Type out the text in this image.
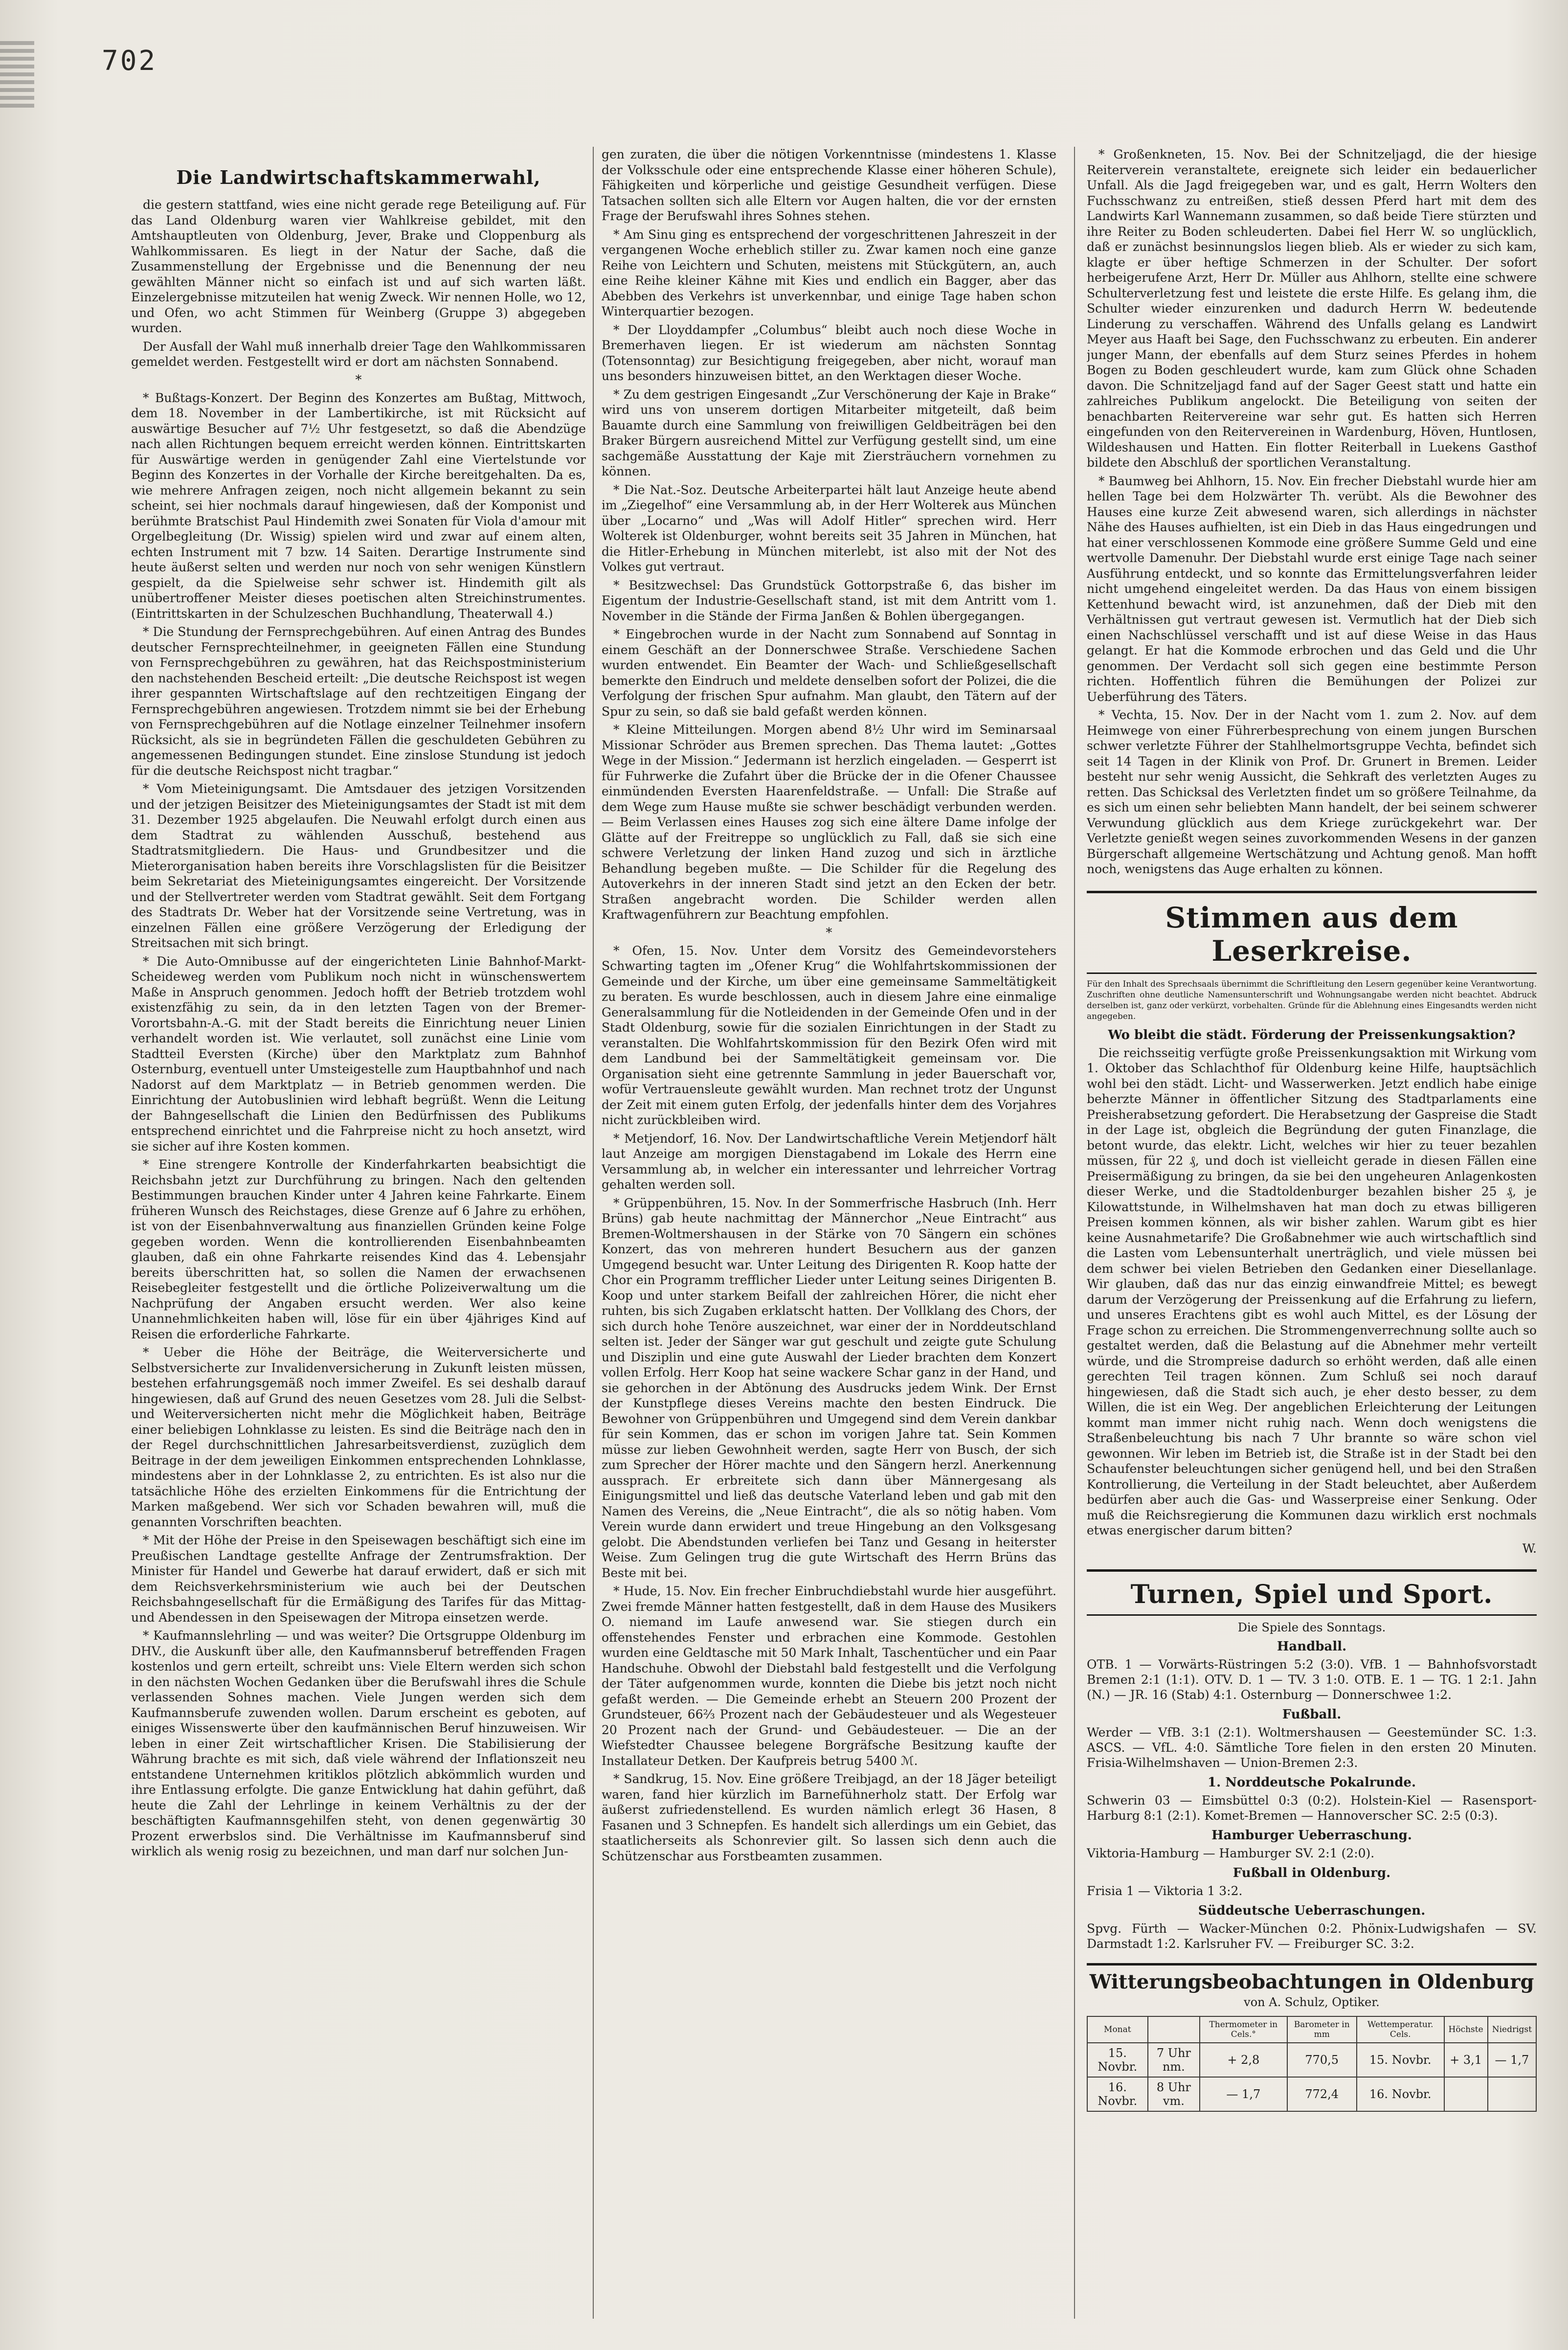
702
Die Landwirtschaftskammerwahl,

die gestern stattfand, wies eine nicht gerade rege Beteiligung auf. Für das Land Oldenburg waren vier Wahlkreise gebildet, mit den Amtshauptleuten von Oldenburg, Jever, Brake und Cloppenburg als Wahlkommissaren. Es liegt in der Natur der Sache, daß die Zusammenstellung der Ergebnisse und die Benennung der neu gewählten Männer nicht so einfach ist und auf sich warten läßt. Einzelergebnisse mitzuteilen hat wenig Zweck. Wir nennen Holle, wo 12, und Ofen, wo acht Stimmen für Weinberg (Gruppe 3) abgegeben wurden.

Der Ausfall der Wahl muß innerhalb dreier Tage den Wahlkommissaren gemeldet werden. Festgestellt wird er dort am nächsten Sonnabend.

*

* Bußtags-Konzert. Der Beginn des Konzertes am Bußtag, Mittwoch, dem 18. November in der Lambertikirche, ist mit Rücksicht auf auswärtige Besucher auf 7½ Uhr festgesetzt, so daß die Abendzüge nach allen Richtungen bequem erreicht werden können. Eintrittskarten für Auswärtige werden in genügender Zahl eine Viertelstunde vor Beginn des Konzertes in der Vorhalle der Kirche bereitgehalten. Da es, wie mehrere Anfragen zeigen, noch nicht allgemein bekannt zu sein scheint, sei hier nochmals darauf hingewiesen, daß der Komponist und berühmte Bratschist Paul Hindemith zwei Sonaten für Viola d'amour mit Orgelbegleitung (Dr. Wissig) spielen wird und zwar auf einem alten, echten Instrument mit 7 bzw. 14 Saiten. Derartige Instrumente sind heute äußerst selten und werden nur noch von sehr wenigen Künstlern gespielt, da die Spielweise sehr schwer ist. Hindemith gilt als unübertroffener Meister dieses poetischen alten Streichinstrumentes. (Eintrittskarten in der Schulzeschen Buchhandlung, Theaterwall 4.)

* Die Stundung der Fernsprechgebühren. Auf einen Antrag des Bundes deutscher Fernsprechteilnehmer, in geeigneten Fällen eine Stundung von Fernsprechgebühren zu gewähren, hat das Reichspostministerium den nachstehenden Bescheid erteilt: „Die deutsche Reichspost ist wegen ihrer gespannten Wirtschaftslage auf den rechtzeitigen Eingang der Fernsprechgebühren angewiesen. Trotzdem nimmt sie bei der Erhebung von Fernsprechgebühren auf die Notlage einzelner Teilnehmer insofern Rücksicht, als sie in begründeten Fällen die geschuldeten Gebühren zu angemessenen Bedingungen stundet. Eine zinslose Stundung ist jedoch für die deutsche Reichspost nicht tragbar.“

* Vom Mieteinigungsamt. Die Amtsdauer des jetzigen Vorsitzenden und der jetzigen Beisitzer des Mieteinigungsamtes der Stadt ist mit dem 31. Dezember 1925 abgelaufen. Die Neuwahl erfolgt durch einen aus dem Stadtrat zu wählenden Ausschuß, bestehend aus Stadtratsmitgliedern. Die Haus- und Grundbesitzer und die Mieterorganisation haben bereits ihre Vorschlagslisten für die Beisitzer beim Sekretariat des Mieteinigungsamtes eingereicht. Der Vorsitzende und der Stellvertreter werden vom Stadtrat gewählt. Seit dem Fortgang des Stadtrats Dr. Weber hat der Vorsitzende seine Vertretung, was in einzelnen Fällen eine größere Verzögerung der Erledigung der Streitsachen mit sich bringt.

* Die Auto-Omnibusse auf der eingerichteten Linie Bahnhof-Markt-Scheideweg werden vom Publikum noch nicht in wünschenswertem Maße in Anspruch genommen. Jedoch hofft der Betrieb trotzdem wohl existenzfähig zu sein, da in den letzten Tagen von der Bremer-Vorortsbahn-A.-G. mit der Stadt bereits die Einrichtung neuer Linien verhandelt worden ist. Wie verlautet, soll zunächst eine Linie vom Stadtteil Eversten (Kirche) über den Marktplatz zum Bahnhof Osternburg, eventuell unter Umsteigestelle zum Hauptbahnhof und nach Nadorst auf dem Marktplatz — in Betrieb genommen werden. Die Einrichtung der Autobuslinien wird lebhaft begrüßt. Wenn die Leitung der Bahngesellschaft die Linien den Bedürfnissen des Publikums entsprechend einrichtet und die Fahrpreise nicht zu hoch ansetzt, wird sie sicher auf ihre Kosten kommen.

* Eine strengere Kontrolle der Kinderfahrkarten beabsichtigt die Reichsbahn jetzt zur Durchführung zu bringen. Nach den geltenden Bestimmungen brauchen Kinder unter 4 Jahren keine Fahrkarte. Einem früheren Wunsch des Reichstages, diese Grenze auf 6 Jahre zu erhöhen, ist von der Eisenbahnverwaltung aus finanziellen Gründen keine Folge gegeben worden. Wenn die kontrollierenden Eisenbahnbeamten glauben, daß ein ohne Fahrkarte reisendes Kind das 4. Lebensjahr bereits überschritten hat, so sollen die Namen der erwachsenen Reisebegleiter festgestellt und die örtliche Polizeiverwaltung um die Nachprüfung der Angaben ersucht werden. Wer also keine Unannehmlichkeiten haben will, löse für ein über 4jähriges Kind auf Reisen die erforderliche Fahrkarte.

* Ueber die Höhe der Beiträge, die Weiterversicherte und Selbstversicherte zur Invalidenversicherung in Zukunft leisten müssen, bestehen erfahrungsgemäß noch immer Zweifel. Es sei deshalb darauf hingewiesen, daß auf Grund des neuen Gesetzes vom 28. Juli die Selbst- und Weiterversicherten nicht mehr die Möglichkeit haben, Beiträge einer beliebigen Lohnklasse zu leisten. Es sind die Beiträge nach den in der Regel durchschnittlichen Jahresarbeitsverdienst, zuzüglich dem Beitrage in der dem jeweiligen Einkommen entsprechenden Lohnklasse, mindestens aber in der Lohnklasse 2, zu entrichten. Es ist also nur die tatsächliche Höhe des erzielten Einkommens für die Entrichtung der Marken maßgebend. Wer sich vor Schaden bewahren will, muß die genannten Vorschriften beachten.

* Mit der Höhe der Preise in den Speisewagen beschäftigt sich eine im Preußischen Landtage gestellte Anfrage der Zentrumsfraktion. Der Minister für Handel und Gewerbe hat darauf erwidert, daß er sich mit dem Reichsverkehrsministerium wie auch bei der Deutschen Reichsbahngesellschaft für die Ermäßigung des Tarifes für das Mittag- und Abendessen in den Speisewagen der Mitropa einsetzen werde.

* Kaufmannslehrling — und was weiter? Die Ortsgruppe Oldenburg im DHV., die Auskunft über alle, den Kaufmannsberuf betreffenden Fragen kostenlos und gern erteilt, schreibt uns: Viele Eltern werden sich schon in den nächsten Wochen Gedanken über die Berufswahl ihres die Schule verlassenden Sohnes machen. Viele Jungen werden sich dem Kaufmannsberufe zuwenden wollen. Darum erscheint es geboten, auf einiges Wissenswerte über den kaufmännischen Beruf hinzuweisen. Wir leben in einer Zeit wirtschaftlicher Krisen. Die Stabilisierung der Währung brachte es mit sich, daß viele während der Inflationszeit neu entstandene Unternehmen kritiklos plötzlich abkömmlich wurden und ihre Entlassung erfolgte. Die ganze Entwicklung hat dahin geführt, daß heute die Zahl der Lehrlinge in keinem Verhältnis zu der der beschäftigten Kaufmannsgehilfen steht, von denen gegenwärtig 30 Prozent erwerbslos sind. Die Verhältnisse im Kaufmannsberuf sind wirklich als wenig rosig zu bezeichnen, und man darf nur solchen Jun-

gen zuraten, die über die nötigen Vorkenntnisse (mindestens 1. Klasse der Volksschule oder eine entsprechende Klasse einer höheren Schule), Fähigkeiten und körperliche und geistige Gesundheit verfügen. Diese Tatsachen sollten sich alle Eltern vor Augen halten, die vor der ernsten Frage der Berufswahl ihres Sohnes stehen.

* Am Sinu ging es entsprechend der vorgeschrittenen Jahreszeit in der vergangenen Woche erheblich stiller zu. Zwar kamen noch eine ganze Reihe von Leichtern und Schuten, meistens mit Stückgütern, an, auch eine Reihe kleiner Kähne mit Kies und endlich ein Bagger, aber das Abebben des Verkehrs ist unverkennbar, und einige Tage haben schon Winterquartier bezogen.

* Der Lloyddampfer „Columbus“ bleibt auch noch diese Woche in Bremerhaven liegen. Er ist wiederum am nächsten Sonntag (Totensonntag) zur Besichtigung freigegeben, aber nicht, worauf man uns besonders hinzuweisen bittet, an den Werktagen dieser Woche.

* Zu dem gestrigen Eingesandt „Zur Verschönerung der Kaje in Brake“ wird uns von unserem dortigen Mitarbeiter mitgeteilt, daß beim Bauamte durch eine Sammlung von freiwilligen Geldbeiträgen bei den Braker Bürgern ausreichend Mittel zur Verfügung gestellt sind, um eine sachgemäße Ausstattung der Kaje mit Ziersträuchern vornehmen zu können.

* Die Nat.-Soz. Deutsche Arbeiterpartei hält laut Anzeige heute abend im „Ziegelhof“ eine Versammlung ab, in der Herr Wolterek aus München über „Locarno“ und „Was will Adolf Hitler“ sprechen wird. Herr Wolterek ist Oldenburger, wohnt bereits seit 35 Jahren in München, hat die Hitler-Erhebung in München miterlebt, ist also mit der Not des Volkes gut vertraut.

* Besitzwechsel: Das Grundstück Gottorpstraße 6, das bisher im Eigentum der Industrie-Gesellschaft stand, ist mit dem Antritt vom 1. November in die Stände der Firma Janßen & Bohlen übergegangen.

* Eingebrochen wurde in der Nacht zum Sonnabend auf Sonntag in einem Geschäft an der Donnerschwee Straße. Verschiedene Sachen wurden entwendet. Ein Beamter der Wach- und Schließgesellschaft bemerkte den Eindruch und meldete denselben sofort der Polizei, die die Verfolgung der frischen Spur aufnahm. Man glaubt, den Tätern auf der Spur zu sein, so daß sie bald gefaßt werden können.

* Kleine Mitteilungen. Morgen abend 8½ Uhr wird im Seminarsaal Missionar Schröder aus Bremen sprechen. Das Thema lautet: „Gottes Wege in der Mission.“ Jedermann ist herzlich eingeladen. — Gesperrt ist für Fuhrwerke die Zufahrt über die Brücke der in die Ofener Chaussee einmündenden Eversten Haarenfeldstraße. — Unfall: Die Straße auf dem Wege zum Hause mußte sie schwer beschädigt verbunden werden. — Beim Verlassen eines Hauses zog sich eine ältere Dame infolge der Glätte auf der Freitreppe so unglücklich zu Fall, daß sie sich eine schwere Verletzung der linken Hand zuzog und sich in ärztliche Behandlung begeben mußte. — Die Schilder für die Regelung des Autoverkehrs in der inneren Stadt sind jetzt an den Ecken der betr. Straßen angebracht worden. Die Schilder werden allen Kraftwagenführern zur Beachtung empfohlen.

*

* Ofen, 15. Nov. Unter dem Vorsitz des Gemeindevorstehers Schwarting tagten im „Ofener Krug“ die Wohlfahrtskommissionen der Gemeinde und der Kirche, um über eine gemeinsame Sammeltätigkeit zu beraten. Es wurde beschlossen, auch in diesem Jahre eine einmalige Generalsammlung für die Notleidenden in der Gemeinde Ofen und in der Stadt Oldenburg, sowie für die sozialen Einrichtungen in der Stadt zu veranstalten. Die Wohlfahrtskommission für den Bezirk Ofen wird mit dem Landbund bei der Sammeltätigkeit gemeinsam vor. Die Organisation sieht eine getrennte Sammlung in jeder Bauerschaft vor, wofür Vertrauensleute gewählt wurden. Man rechnet trotz der Ungunst der Zeit mit einem guten Erfolg, der jedenfalls hinter dem des Vorjahres nicht zurückbleiben wird.

* Metjendorf, 16. Nov. Der Landwirtschaftliche Verein Metjendorf hält laut Anzeige am morgigen Dienstagabend im Lokale des Herrn eine Versammlung ab, in welcher ein interessanter und lehrreicher Vortrag gehalten werden soll.

* Grüppenbühren, 15. Nov. In der Sommerfrische Hasbruch (Inh. Herr Brüns) gab heute nachmittag der Männerchor „Neue Eintracht“ aus Bremen-Woltmershausen in der Stärke von 70 Sängern ein schönes Konzert, das von mehreren hundert Besuchern aus der ganzen Umgegend besucht war. Unter Leitung des Dirigenten R. Koop hatte der Chor ein Programm trefflicher Lieder unter Leitung seines Dirigenten B. Koop und unter starkem Beifall der zahlreichen Hörer, die nicht eher ruhten, bis sich Zugaben erklatscht hatten. Der Vollklang des Chors, der sich durch hohe Tenöre auszeichnet, war einer der in Norddeutschland selten ist. Jeder der Sänger war gut geschult und zeigte gute Schulung und Disziplin und eine gute Auswahl der Lieder brachten dem Konzert vollen Erfolg. Herr Koop hat seine wackere Schar ganz in der Hand, und sie gehorchen in der Abtönung des Ausdrucks jedem Wink. Der Ernst der Kunstpflege dieses Vereins machte den besten Eindruck. Die Bewohner von Grüppenbühren und Umgegend sind dem Verein dankbar für sein Kommen, das er schon im vorigen Jahre tat. Sein Kommen müsse zur lieben Gewohnheit werden, sagte Herr von Busch, der sich zum Sprecher der Hörer machte und den Sängern herzl. Anerkennung aussprach. Er erbreitete sich dann über Männergesang als Einigungsmittel und ließ das deutsche Vaterland leben und gab mit den Namen des Vereins, die „Neue Eintracht“, die als so nötig haben. Vom Verein wurde dann erwidert und treue Hingebung an den Volksgesang gelobt. Die Abendstunden verliefen bei Tanz und Gesang in heiterster Weise. Zum Gelingen trug die gute Wirtschaft des Herrn Brüns das Beste mit bei.

* Hude, 15. Nov. Ein frecher Einbruchdiebstahl wurde hier ausgeführt. Zwei fremde Männer hatten festgestellt, daß in dem Hause des Musikers O. niemand im Laufe anwesend war. Sie stiegen durch ein offenstehendes Fenster und erbrachen eine Kommode. Gestohlen wurden eine Geldtasche mit 50 Mark Inhalt, Taschentücher und ein Paar Handschuhe. Obwohl der Diebstahl bald festgestellt und die Verfolgung der Täter aufgenommen wurde, konnten die Diebe bis jetzt noch nicht gefaßt werden. — Die Gemeinde erhebt an Steuern 200 Prozent der Grundsteuer, 66⅔ Prozent nach der Gebäudesteuer und als Wegesteuer 20 Prozent nach der Grund- und Gebäudesteuer. — Die an der Wiefstedter Chaussee belegene Borgräfsche Besitzung kaufte der Installateur Detken. Der Kaufpreis betrug 5400 ℳ.

* Sandkrug, 15. Nov. Eine größere Treibjagd, an der 18 Jäger beteiligt waren, fand hier kürzlich im Barnefühnerholz statt. Der Erfolg war äußerst zufriedenstellend. Es wurden nämlich erlegt 36 Hasen, 8 Fasanen und 3 Schnepfen. Es handelt sich allerdings um ein Gebiet, das staatlicherseits als Schonrevier gilt. So lassen sich denn auch die Schützenschar aus Forstbeamten zusammen.

* Großenkneten, 15. Nov. Bei der Schnitzeljagd, die der hiesige Reiterverein veranstaltete, ereignete sich leider ein bedauerlicher Unfall. Als die Jagd freigegeben war, und es galt, Herrn Wolters den Fuchsschwanz zu entreißen, stieß dessen Pferd hart mit dem des Landwirts Karl Wannemann zusammen, so daß beide Tiere stürzten und ihre Reiter zu Boden schleuderten. Dabei fiel Herr W. so unglücklich, daß er zunächst besinnungslos liegen blieb. Als er wieder zu sich kam, klagte er über heftige Schmerzen in der Schulter. Der sofort herbeigerufene Arzt, Herr Dr. Müller aus Ahlhorn, stellte eine schwere Schulterverletzung fest und leistete die erste Hilfe. Es gelang ihm, die Schulter wieder einzurenken und dadurch Herrn W. bedeutende Linderung zu verschaffen. Während des Unfalls gelang es Landwirt Meyer aus Haaft bei Sage, den Fuchsschwanz zu erbeuten. Ein anderer junger Mann, der ebenfalls auf dem Sturz seines Pferdes in hohem Bogen zu Boden geschleudert wurde, kam zum Glück ohne Schaden davon. Die Schnitzeljagd fand auf der Sager Geest statt und hatte ein zahlreiches Publikum angelockt. Die Beteiligung von seiten der benachbarten Reitervereine war sehr gut. Es hatten sich Herren eingefunden von den Reitervereinen in Wardenburg, Höven, Huntlosen, Wildeshausen und Hatten. Ein flotter Reiterball in Luekens Gasthof bildete den Abschluß der sportlichen Veranstaltung.

* Baumweg bei Ahlhorn, 15. Nov. Ein frecher Diebstahl wurde hier am hellen Tage bei dem Holzwärter Th. verübt. Als die Bewohner des Hauses eine kurze Zeit abwesend waren, sich allerdings in nächster Nähe des Hauses aufhielten, ist ein Dieb in das Haus eingedrungen und hat einer verschlossenen Kommode eine größere Summe Geld und eine wertvolle Damenuhr. Der Diebstahl wurde erst einige Tage nach seiner Ausführung entdeckt, und so konnte das Ermittelungsverfahren leider nicht umgehend eingeleitet werden. Da das Haus von einem bissigen Kettenhund bewacht wird, ist anzunehmen, daß der Dieb mit den Verhältnissen gut vertraut gewesen ist. Vermutlich hat der Dieb sich einen Nachschlüssel verschafft und ist auf diese Weise in das Haus gelangt. Er hat die Kommode erbrochen und das Geld und die Uhr genommen. Der Verdacht soll sich gegen eine bestimmte Person richten. Hoffentlich führen die Bemühungen der Polizei zur Ueberführung des Täters.

* Vechta, 15. Nov. Der in der Nacht vom 1. zum 2. Nov. auf dem Heimwege von einer Führerbesprechung von einem jungen Burschen schwer verletzte Führer der Stahlhelmortsgruppe Vechta, befindet sich seit 14 Tagen in der Klinik von Prof. Dr. Grunert in Bremen. Leider besteht nur sehr wenig Aussicht, die Sehkraft des verletzten Auges zu retten. Das Schicksal des Verletzten findet um so größere Teilnahme, da es sich um einen sehr beliebten Mann handelt, der bei seinem schwerer Verwundung glücklich aus dem Kriege zurückgekehrt war. Der Verletzte genießt wegen seines zuvorkommenden Wesens in der ganzen Bürgerschaft allgemeine Wertschätzung und Achtung genoß. Man hofft noch, wenigstens das Auge erhalten zu können.

Stimmen aus dem Leserkreise.

Für den Inhalt des Sprechsaals übernimmt die Schriftleitung den Lesern gegenüber keine Verantwortung. Zuschriften ohne deutliche Namensunterschrift und Wohnungsangabe werden nicht beachtet. Abdruck derselben ist, ganz oder verkürzt, vorbehalten. Gründe für die Ablehnung eines Eingesandts werden nicht angegeben.

Wo bleibt die städt. Förderung der Preissenkungsaktion?

Die reichsseitig verfügte große Preissenkungsaktion mit Wirkung vom 1. Oktober das Schlachthof für Oldenburg keine Hilfe, hauptsächlich wohl bei den städt. Licht- und Wasserwerken. Jetzt endlich habe einige beherzte Männer in öffentlicher Sitzung des Stadtparlaments eine Preisherabsetzung gefordert. Die Herabsetzung der Gaspreise die Stadt in der Lage ist, obgleich die Begründung der guten Finanzlage, die betont wurde, das elektr. Licht, welches wir hier zu teuer bezahlen müssen, für 22 ₰, und doch ist vielleicht gerade in diesen Fällen eine Preisermäßigung zu bringen, da sie bei den ungeheuren Anlagenkosten dieser Werke, und die Stadtoldenburger bezahlen bisher 25 ₰, je Kilowattstunde, in Wilhelmshaven hat man doch zu etwas billigeren Preisen kommen können, als wir bisher zahlen. Warum gibt es hier keine Ausnahmetarife? Die Großabnehmer wie auch wirtschaftlich sind die Lasten vom Lebensunterhalt unerträglich, und viele müssen bei dem schwer bei vielen Betrieben den Gedanken einer Diesellanlage. Wir glauben, daß das nur das einzig einwandfreie Mittel; es bewegt darum der Verzögerung der Preissenkung auf die Erfahrung zu liefern, und unseres Erachtens gibt es wohl auch Mittel, es der Lösung der Frage schon zu erreichen. Die Strommengenverrechnung sollte auch so gestaltet werden, daß die Belastung auf die Abnehmer mehr verteilt würde, und die Strompreise dadurch so erhöht werden, daß alle einen gerechten Teil tragen können. Zum Schluß sei noch darauf hingewiesen, daß die Stadt sich auch, je eher desto besser, zu dem Willen, die ist ein Weg. Der angeblichen Erleichterung der Leitungen kommt man immer nicht ruhig nach. Wenn doch wenigstens die Straßenbeleuchtung bis nach 7 Uhr brannte so wäre schon viel gewonnen. Wir leben im Betrieb ist, die Straße ist in der Stadt bei den Schaufenster beleuchtungen sicher genügend hell, und bei den Straßen Kontrollierung, die Verteilung in der Stadt beleuchtet, aber Außerdem bedürfen aber auch die Gas- und Wasserpreise einer Senkung. Oder muß die Reichsregierung die Kommunen dazu wirklich erst nochmals etwas energischer darum bitten?

W.
Turnen, Spiel und Sport.
Die Spiele des Sonntags.
Handball.

OTB. 1 — Vorwärts-Rüstringen 5:2 (3:0). VfB. 1 — Bahnhofsvorstadt Bremen 2:1 (1:1). OTV. D. 1 — TV. 3 1:0. OTB. E. 1 — TG. 1 2:1. Jahn (N.) — JR. 16 (Stab) 4:1. Osternburg — Donnerschwee 1:2.

Fußball.

Werder — VfB. 3:1 (2:1). Woltmershausen — Geestemünder SC. 1:3. ASCS. — VfL. 4:0. Sämtliche Tore fielen in den ersten 20 Minuten. Frisia-Wilhelmshaven — Union-Bremen 2:3.

1. Norddeutsche Pokalrunde.

Schwerin 03 — Eimsbüttel 0:3 (0:2). Holstein-Kiel — Rasensport-Harburg 8:1 (2:1). Komet-Bremen — Hannoverscher SC. 2:5 (0:3).

Hamburger Ueberraschung.

Viktoria-Hamburg — Hamburger SV. 2:1 (2:0).

Fußball in Oldenburg.

Frisia 1 — Viktoria 1 3:2.

Süddeutsche Ueberraschungen.

Spvg. Fürth — Wacker-München 0:2. Phönix-Ludwigshafen — SV. Darmstadt 1:2. Karlsruher FV. — Freiburger SC. 3:2.

Witterungsbeobachtungen in Oldenburg
von A. Schulz, Optiker.
Monat		Thermometer in Cels.°	Barometer in mm	Wettemperatur. Cels.	Höchste	Niedrigst
15. Novbr.	7 Uhr nm.	+ 2,8	770,5	15. Novbr.	+ 3,1	— 1,7
16. Novbr.	8 Uhr vm.	— 1,7	772,4	16. Novbr.		
